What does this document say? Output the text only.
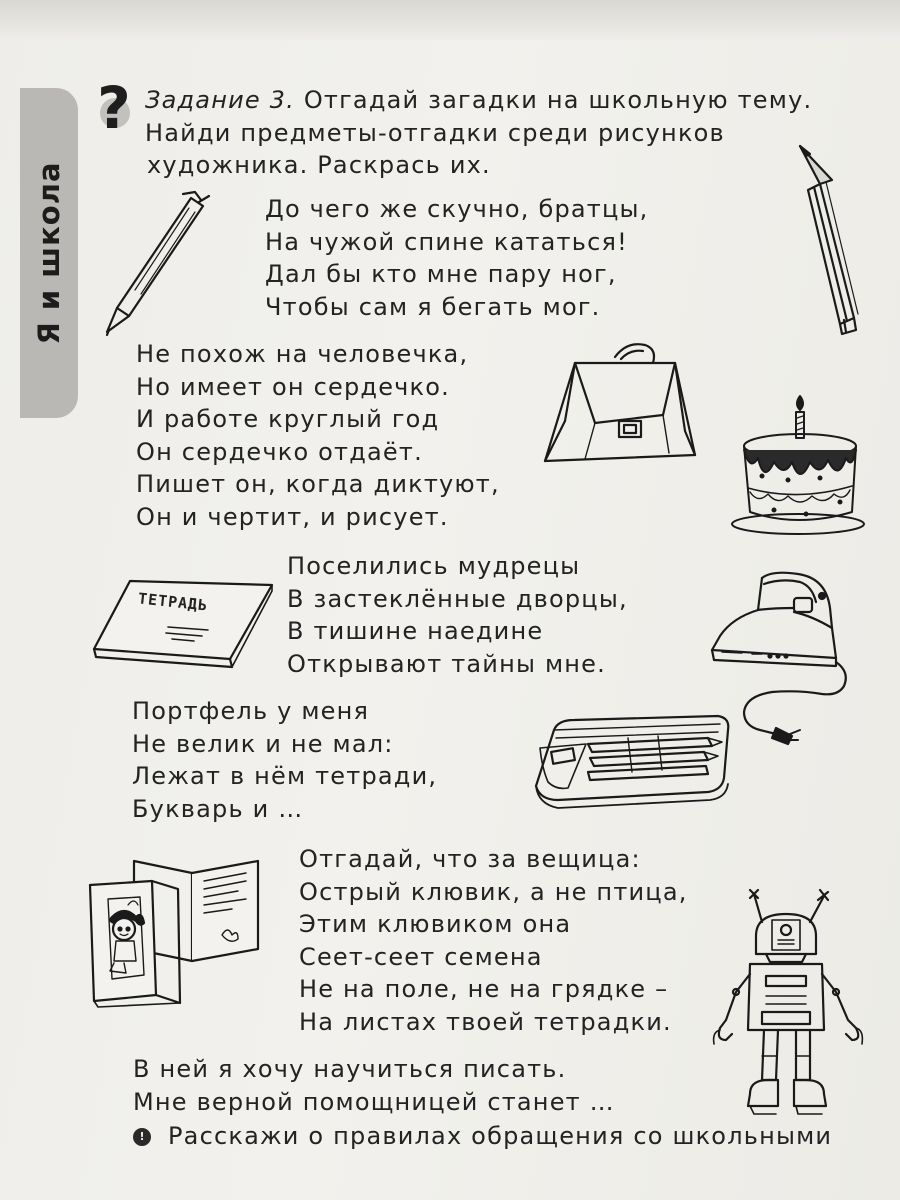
Я и школа
? Задание 3. Отгадай загадки на школьную тему.
Найди предметы-отгадки среди рисунков
художника. Раскрась их.
До чего же скучно, братцы,
На чужой спине кататься!
Дал бы кто мне пару ног,
Чтобы сам я бегать мог.
Не похож на человечка,
Но имеет он сердечко.
И работе круглый год
Он сердечко отдаёт.
Пишет он, когда диктуют,
Он и чертит, и рисует.
Поселились мудрецы
В застеклённые дворцы,
В тишине наедине
Открывают тайны мне.
Портфель у меня
Не велик и не мал:
Лежат в нём тетради,
Букварь и …
Отгадай, что за вещица:
Острый клювик, а не птица,
Этим клювиком она
Сеет-сеет семена
Не на поле, не на грядке –
На листах твоей тетрадки.
В ней я хочу научиться писать.
Мне верной помощницей станет …
! Расскажи о правилах обращения со школьными
ТЕТРАДЬ
